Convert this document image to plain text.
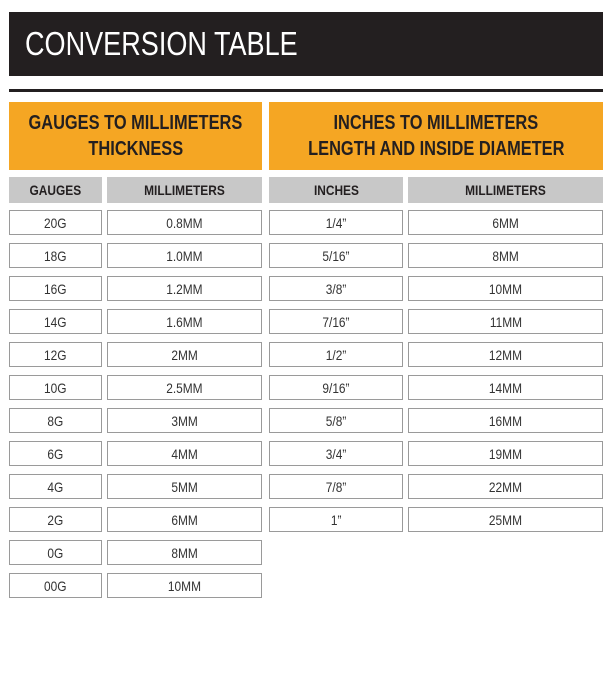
CONVERSION TABLE
GAUGES TO MILLIMETERS
THICKNESS
GAUGES	MILLIMETERS
20G	0.8MM
18G	1.0MM
16G	1.2MM
14G	1.6MM
12G	2MM
10G	2.5MM
8G	3MM
6G	4MM
4G	5MM
2G	6MM
0G	8MM
00G	10MM
INCHES TO MILLIMETERS
LENGTH AND INSIDE DIAMETER
INCHES	MILLIMETERS
1/4”	6MM
5/16”	8MM
3/8”	10MM
7/16”	11MM
1/2”	12MM
9/16”	14MM
5/8”	16MM
3/4”	19MM
7/8”	22MM
1”	25MM
